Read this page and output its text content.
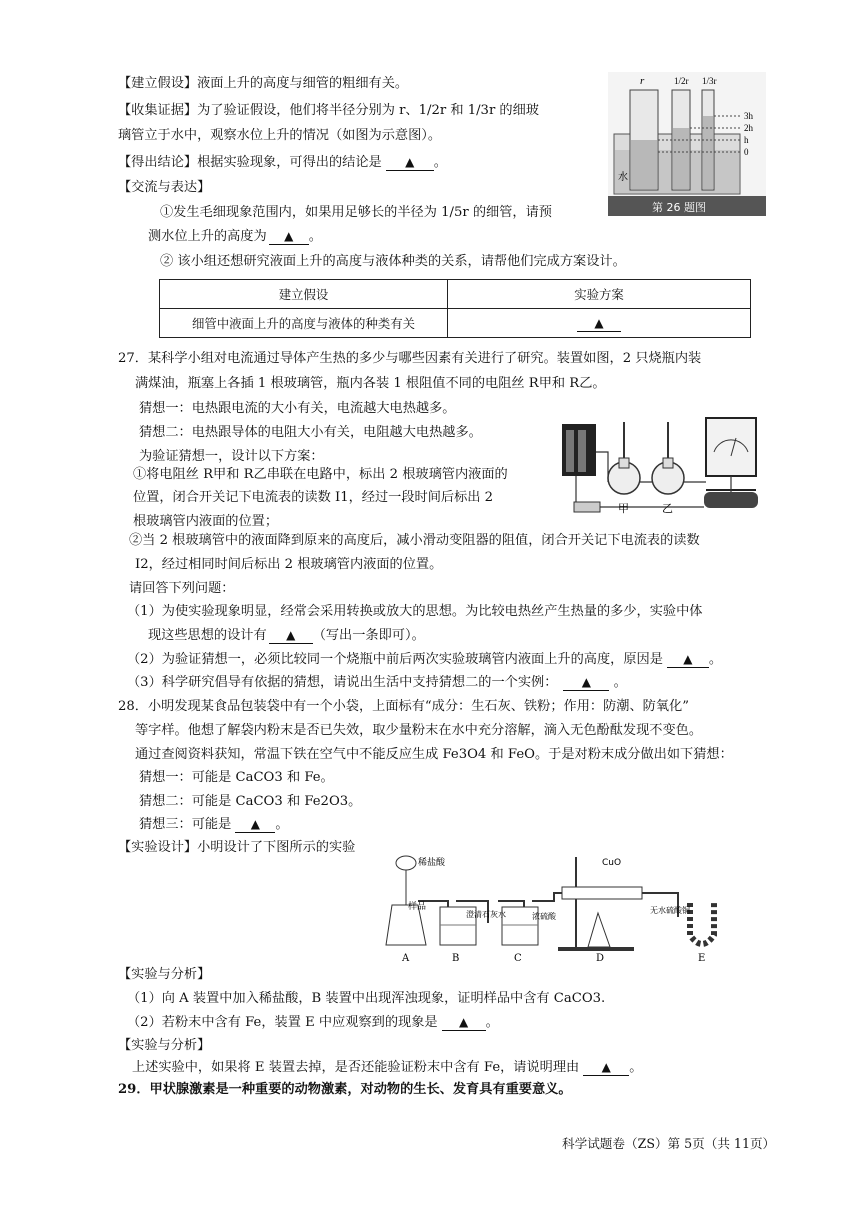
【建立假设】液面上升的高度与细管的粗细有关。
【收集证据】为了验证假设，他们将半径分别为 r、1/2r 和 1/3r 的细玻
璃管立于水中，观察水位上升的情况（如图为示意图）。
【得出结论】根据实验现象，可得出的结论是 ▲ 。
【交流与表达】
①发生毛细现象范围内，如果用足够长的半径为 1/5r 的细管，请预
测水位上升的高度为 ▲ 。
② 该小组还想研究液面上升的高度与液体种类的关系，请帮他们完成方案设计。
r	1/2r 1/3r
3h
2h
h
0
水
第 26 题图
建立假设	实验方案
细管中液面上升的高度与液体的种类有关	▲
27．某科学小组对电流通过导体产生热的多少与哪些因素有关进行了研究。装置如图，2 只烧瓶内装
满煤油，瓶塞上各插 1 根玻璃管，瓶内各装 1 根阻值不同的电阻丝 R甲和 R乙。
猜想一：电热跟电流的大小有关，电流越大电热越多。
猜想二：电热跟导体的电阻大小有关，电阻越大电热越多。
为验证猜想一，设计以下方案：
①将电阻丝 R甲和 R乙串联在电路中，标出 2 根玻璃管内液面的
位置，闭合开关记下电流表的读数 I1，经过一段时间后标出 2
根玻璃管内液面的位置；
甲	乙
②当 2 根玻璃管中的液面降到原来的高度后，减小滑动变阻器的阻值，闭合开关记下电流表的读数
I2，经过相同时间后标出 2 根玻璃管内液面的位置。
请回答下列问题：
（1）为使实验现象明显，经常会采用转换或放大的思想。为比较电热丝产生热量的多少，实验中体
现这些思想的设计有 ▲ （写出一条即可）。
（2）为验证猜想一，必须比较同一个烧瓶中前后两次实验玻璃管内液面上升的高度，原因是 ▲ 。
（3）科学研究倡导有依据的猜想，请说出生活中支持猜想二的一个实例： ▲ 。
28．小明发现某食品包装袋中有一个小袋，上面标有“成分：生石灰、铁粉；作用：防潮、防氧化”
等字样。他想了解袋内粉末是否已失效，取少量粉末在水中充分溶解，滴入无色酚酞发现不变色。
通过查阅资料获知，常温下铁在空气中不能反应生成 Fe3O4 和 FeO。于是对粉末成分做出如下猜想：
猜想一：可能是 CaCO3 和 Fe。
猜想二：可能是 CaCO3 和 Fe2O3。
猜想三：可能是 ▲ 。
【实验设计】小明设计了下图所示的实验
稀盐酸
样品
澄清石灰水	浓硫酸
CuO
无水硫酸铜
A	B	C	D	E
【实验与分析】
（1）向 A 装置中加入稀盐酸，B 装置中出现浑浊现象，证明样品中含有 CaCO3.
（2）若粉末中含有 Fe，装置 E 中应观察到的现象是 ▲ 。
【实验与分析】
上述实验中，如果将 E 装置去掉，是否还能验证粉末中含有 Fe，请说明理由 ▲ 。
29．甲状腺激素是一种重要的动物激素，对动物的生长、发育具有重要意义。
科学试题卷（ZS）第 5页（共 11页）
